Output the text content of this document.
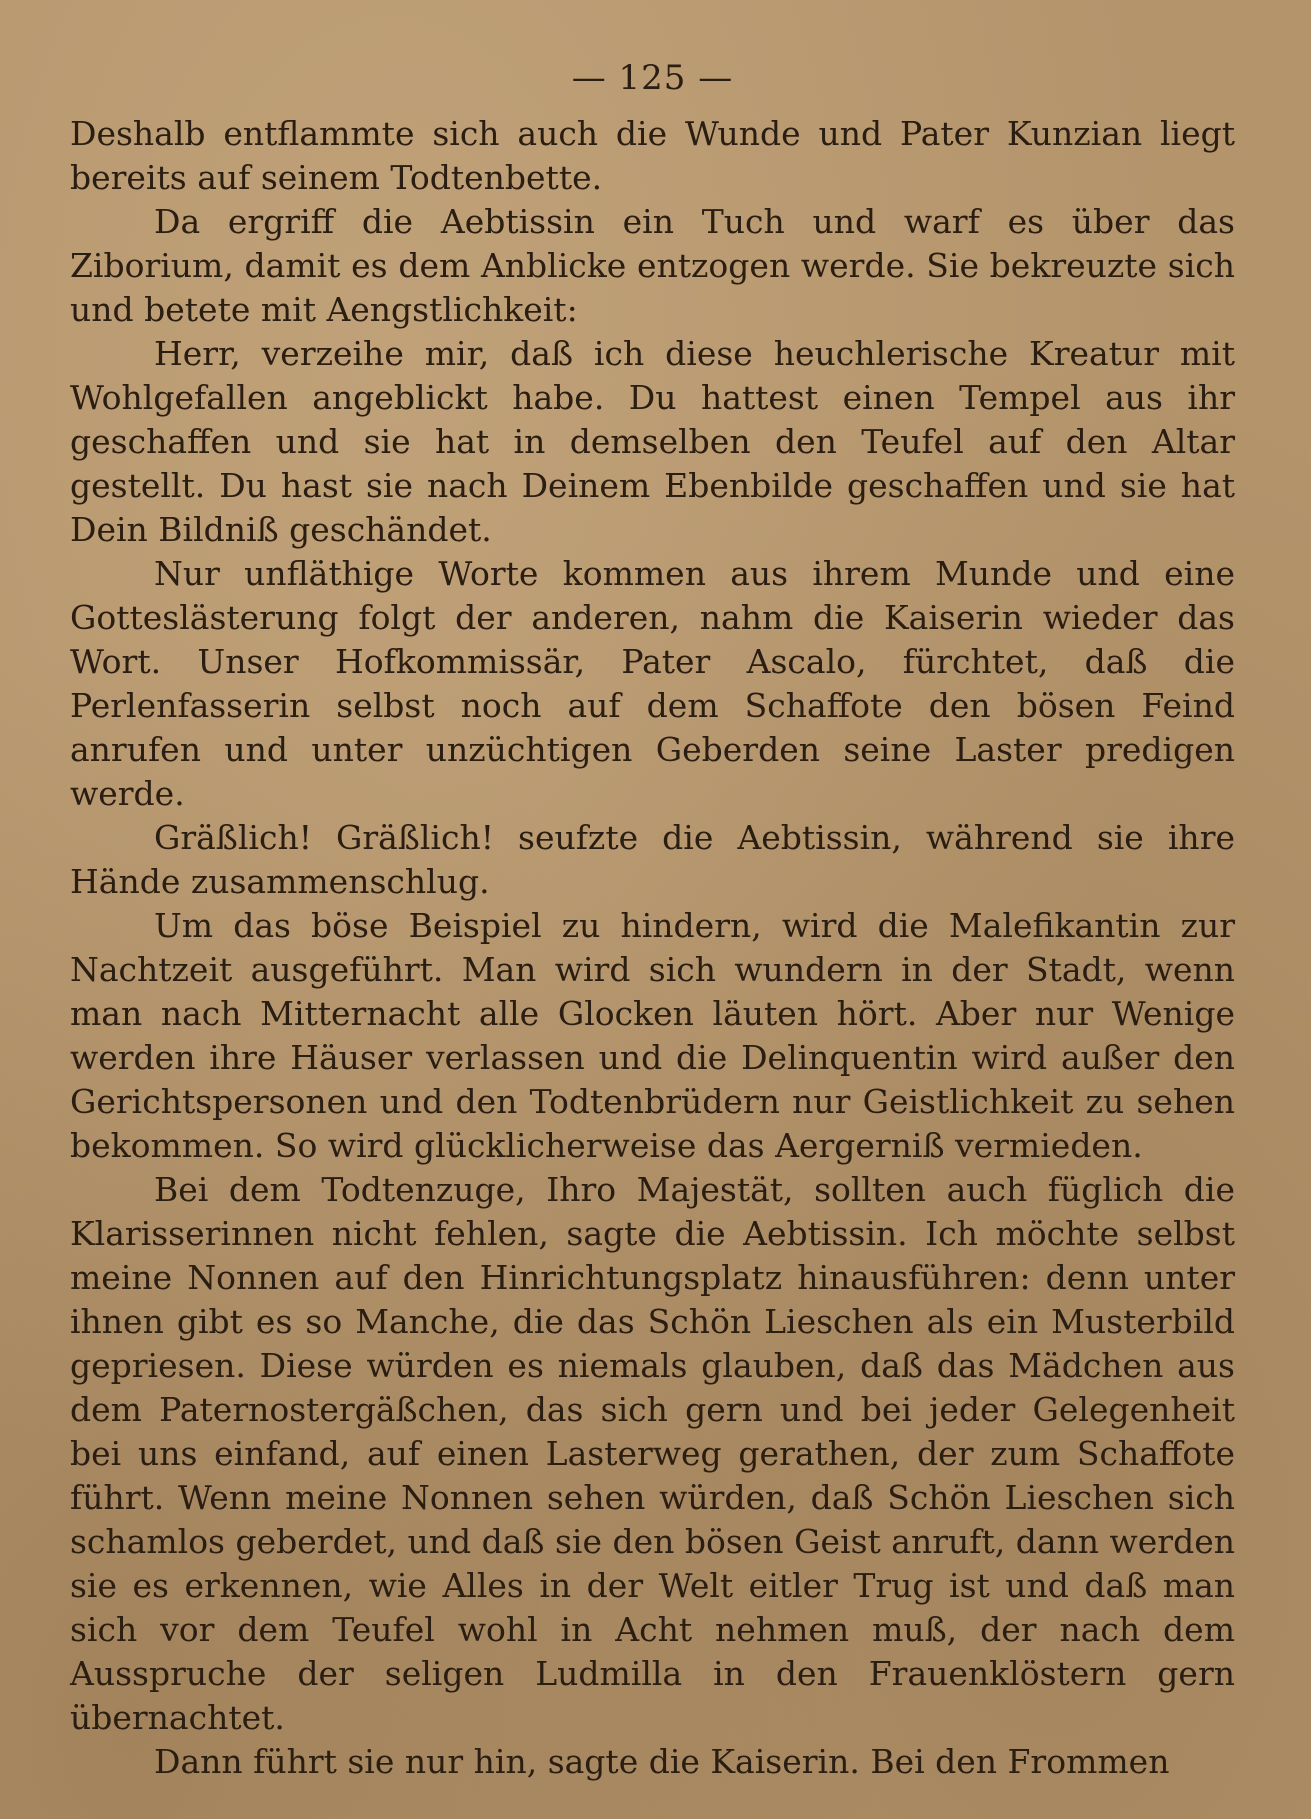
— 125 —

Deshalb entflammte sich auch die Wunde und Pater Kunzian liegt bereits auf seinem Todtenbette.

Da ergriff die Aebtissin ein Tuch und warf es über das Ziborium, damit es dem Anblicke entzogen werde. Sie bekreuzte sich und betete mit Aengstlichkeit:

Herr, verzeihe mir, daß ich diese heuchlerische Kreatur mit Wohlgefallen angeblickt habe. Du hattest einen Tempel aus ihr geschaffen und sie hat in demselben den Teufel auf den Altar gestellt. Du hast sie nach Deinem Ebenbilde geschaffen und sie hat Dein Bildniß geschändet.

Nur unfläthige Worte kommen aus ihrem Munde und eine Gotteslästerung folgt der anderen, nahm die Kaiserin wieder das Wort. Unser Hofkommissär, Pater Ascalo, fürchtet, daß die Perlenfasserin selbst noch auf dem Schaffote den bösen Feind anrufen und unter unzüchtigen Geberden seine Laster predigen werde.

Gräßlich! Gräßlich! seufzte die Aebtissin, während sie ihre Hände zusammenschlug.

Um das böse Beispiel zu hindern, wird die Malefikantin zur Nachtzeit ausgeführt. Man wird sich wundern in der Stadt, wenn man nach Mitternacht alle Glocken läuten hört. Aber nur Wenige werden ihre Häuser verlassen und die Delinquentin wird außer den Gerichtspersonen und den Todtenbrüdern nur Geistlichkeit zu sehen bekommen. So wird glücklicherweise das Aergerniß vermieden.

Bei dem Todtenzuge, Ihro Majestät, sollten auch füglich die Klarisserinnen nicht fehlen, sagte die Aebtissin. Ich möchte selbst meine Nonnen auf den Hinrichtungsplatz hinausführen: denn unter ihnen gibt es so Manche, die das Schön Lieschen als ein Musterbild gepriesen. Diese würden es niemals glauben, daß das Mädchen aus dem Paternostergäßchen, das sich gern und bei jeder Gelegenheit bei uns einfand, auf einen Lasterweg gerathen, der zum Schaffote führt. Wenn meine Nonnen sehen würden, daß Schön Lieschen sich schamlos geberdet, und daß sie den bösen Geist anruft, dann werden sie es erkennen, wie Alles in der Welt eitler Trug ist und daß man sich vor dem Teufel wohl in Acht nehmen muß, der nach dem Ausspruche der seligen Ludmilla in den Frauenklöstern gern übernachtet.

Dann führt sie nur hin, sagte die Kaiserin. Bei den Frommen
